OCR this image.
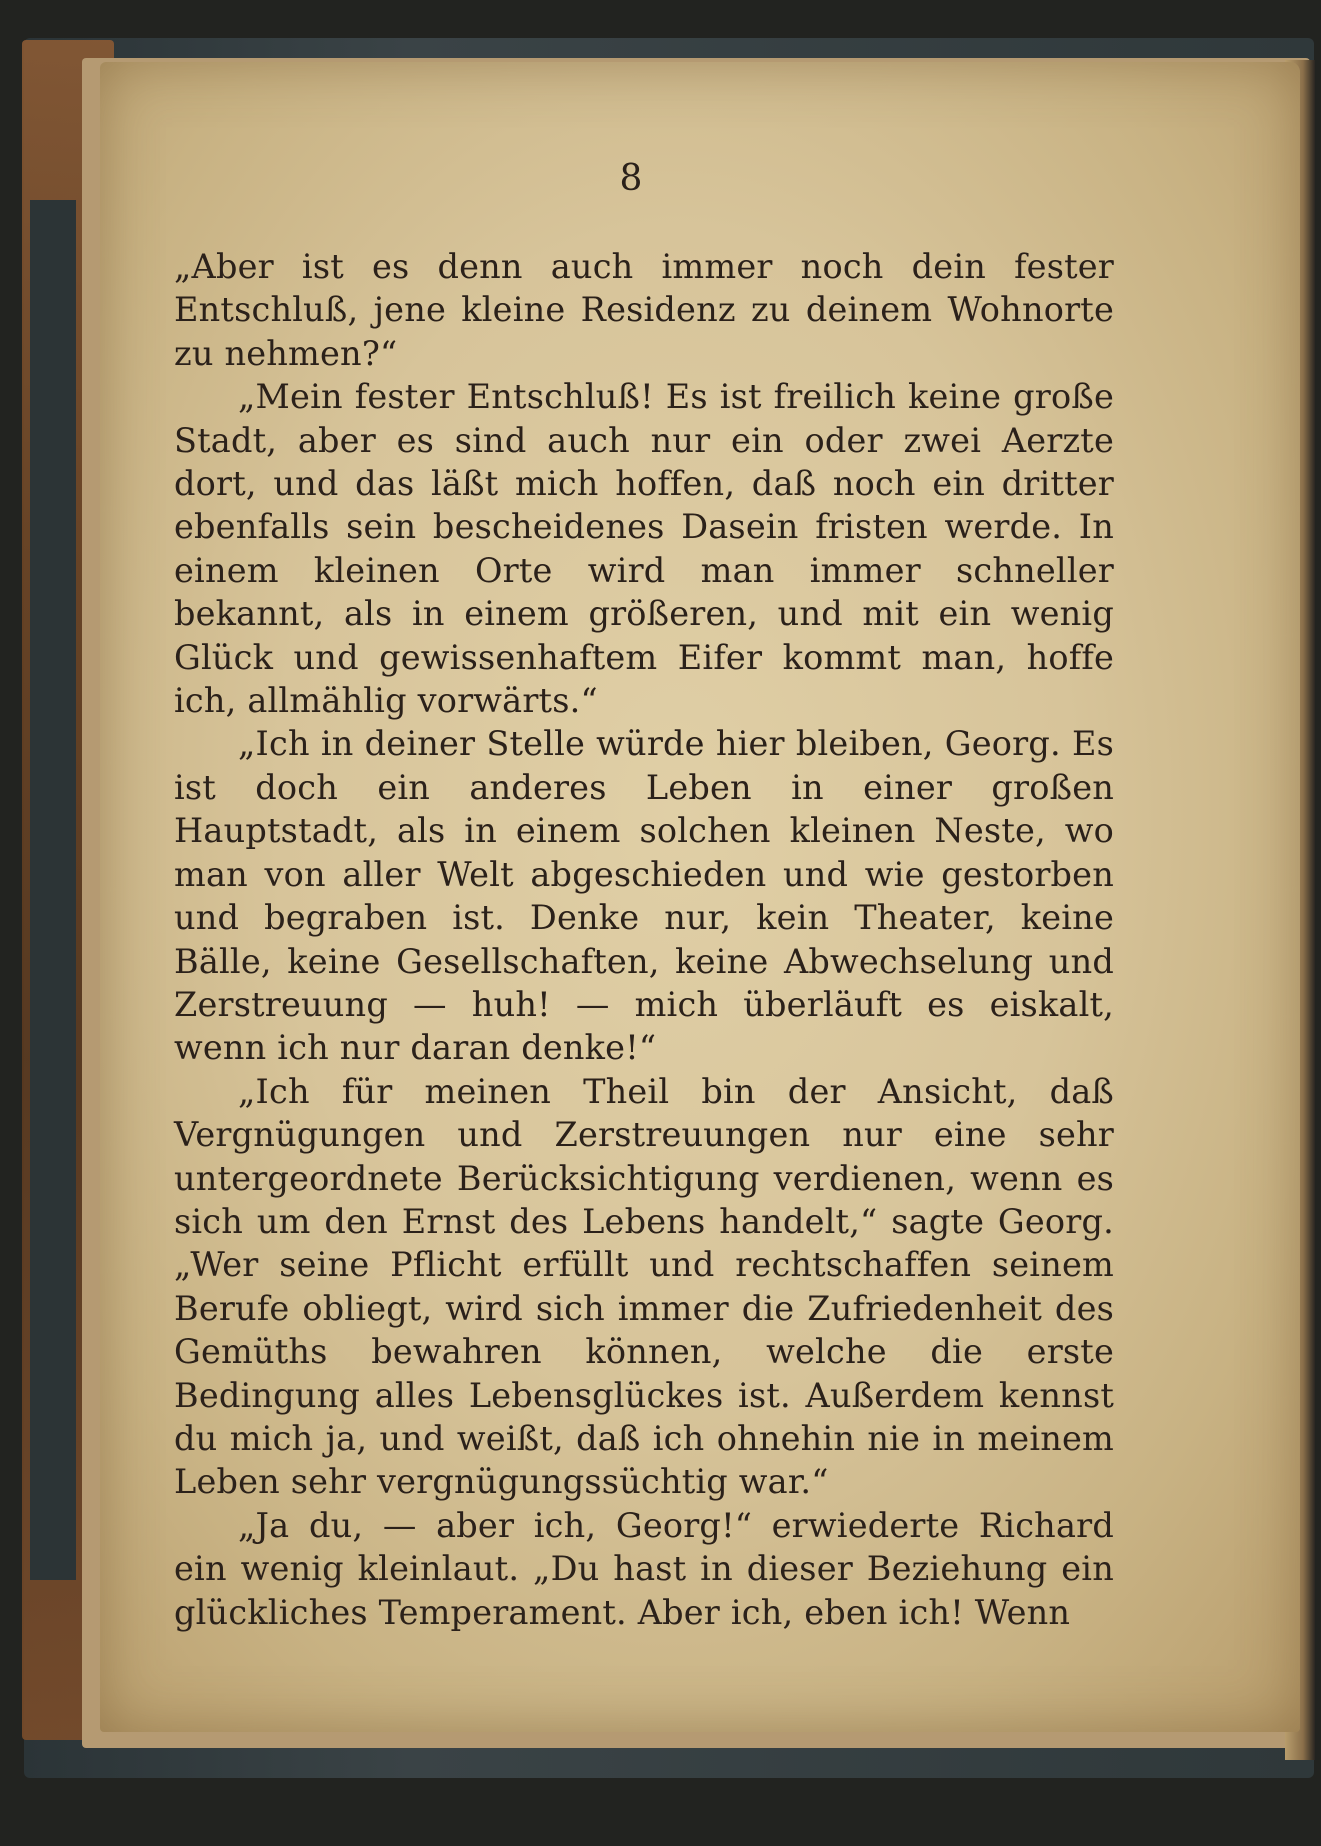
8

„Aber ist es denn auch immer noch dein fester Entschluß, jene kleine Residenz zu deinem Wohnorte zu nehmen?“

„Mein fester Entschluß! Es ist freilich keine große Stadt, aber es sind auch nur ein oder zwei Aerzte dort, und das läßt mich hoffen, daß noch ein dritter ebenfalls sein bescheidenes Dasein fristen werde. In einem kleinen Orte wird man immer schneller bekannt, als in einem größeren, und mit ein wenig Glück und gewissenhaftem Eifer kommt man, hoffe ich, allmählig vorwärts.“

„Ich in deiner Stelle würde hier bleiben, Georg. Es ist doch ein anderes Leben in einer großen Hauptstadt, als in einem solchen kleinen Neste, wo man von aller Welt abgeschieden und wie gestorben und begraben ist. Denke nur, kein Theater, keine Bälle, keine Gesellschaften, keine Abwechselung und Zerstreuung — huh! — mich überläuft es eiskalt, wenn ich nur daran denke!“

„Ich für meinen Theil bin der Ansicht, daß Vergnügungen und Zerstreuungen nur eine sehr untergeordnete Berücksichtigung verdienen, wenn es sich um den Ernst des Lebens handelt,“ sagte Georg. „Wer seine Pflicht erfüllt und rechtschaffen seinem Berufe obliegt, wird sich immer die Zufriedenheit des Gemüths bewahren können, welche die erste Bedingung alles Lebensglückes ist. Außerdem kennst du mich ja, und weißt, daß ich ohnehin nie in meinem Leben sehr vergnügungssüchtig war.“

„Ja du, — aber ich, Georg!“ erwiederte Richard ein wenig kleinlaut. „Du hast in dieser Beziehung ein glückliches Temperament. Aber ich, eben ich! Wenn
